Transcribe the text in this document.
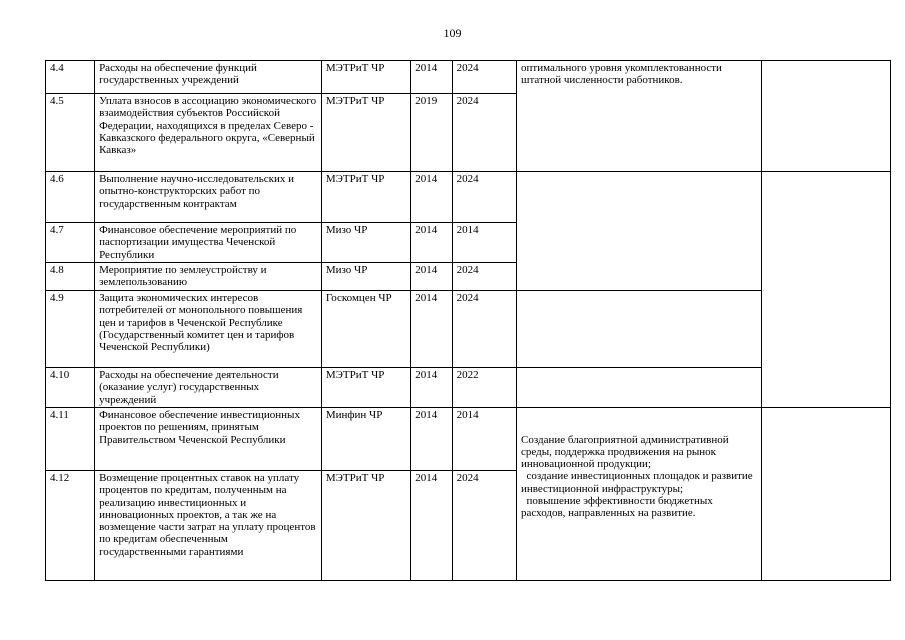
109
4.4	Расходы на обеспечение функций государственных учреждений	МЭТРиТ ЧР	2014	2024	оптимального уровня укомплектованности штатной численности работников.	
4.5	Уплата взносов в ассоциацию экономического взаимодействия субъектов Российской Федерации, находящихся в пределах Северо - Кавказского федерального округа, «Северный Кавказ»	МЭТРиТ ЧР	2019	2024		
4.6	Выполнение научно-исследовательских и опытно-конструкторских работ по государственным контрактам	МЭТРиТ ЧР	2014	2024		
4.7	Финансовое обеспечение мероприятий по паспортизации имущества Чеченской Республики	Мизо ЧР	2014	2014		
4.8	Мероприятие по землеустройству и землепользованию	Мизо ЧР	2014	2024		
4.9	Защита экономических интересов потребителей от монопольного повышения цен и тарифов в Чеченской Республике (Государственный комитет цен и тарифов Чеченской Республики)	Госкомцен ЧР	2014	2024		
4.10	Расходы на обеспечение деятельности (оказание услуг) государственных учреждений	МЭТРиТ ЧР	2014	2022		
4.11	Финансовое обеспечение инвестиционных проектов по решениям, принятым Правительством Чеченской Республики	Минфин ЧР	2014	2014	Создание благоприятной административной среды, поддержка продвижения на рынок инновационной продукции;
создание инвестиционных площадок и развитие инвестиционной инфраструктуры;
повышение эффективности бюджетных расходов, направленных на развитие.	

4.12	Возмещение процентных ставок на уплату процентов по кредитам, полученным на реализацию инвестиционных и инновационных проектов, а так же на возмещение части затрат на уплату процентов по кредитам обеспеченным государственными гарантиями	МЭТРиТ ЧР	2014	2024		
